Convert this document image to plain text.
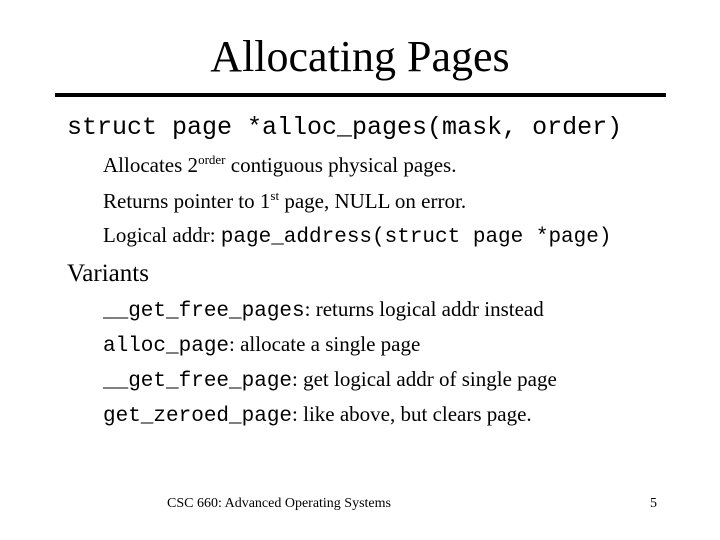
Allocating Pages
struct page *alloc_pages(mask, order)
Allocates $2^{order}$ contiguous physical pages.
Returns pointer to 1st page, NULL on error.
Logical addr: page_address(struct page *page)
Variants
__get_free_pages: returns logical addr instead
alloc_page: allocate a single page
__get_free_page: get logical addr of single page
get_zeroed_page: like above, but clears page.
CSC 660: Advanced Operating Systems	5
